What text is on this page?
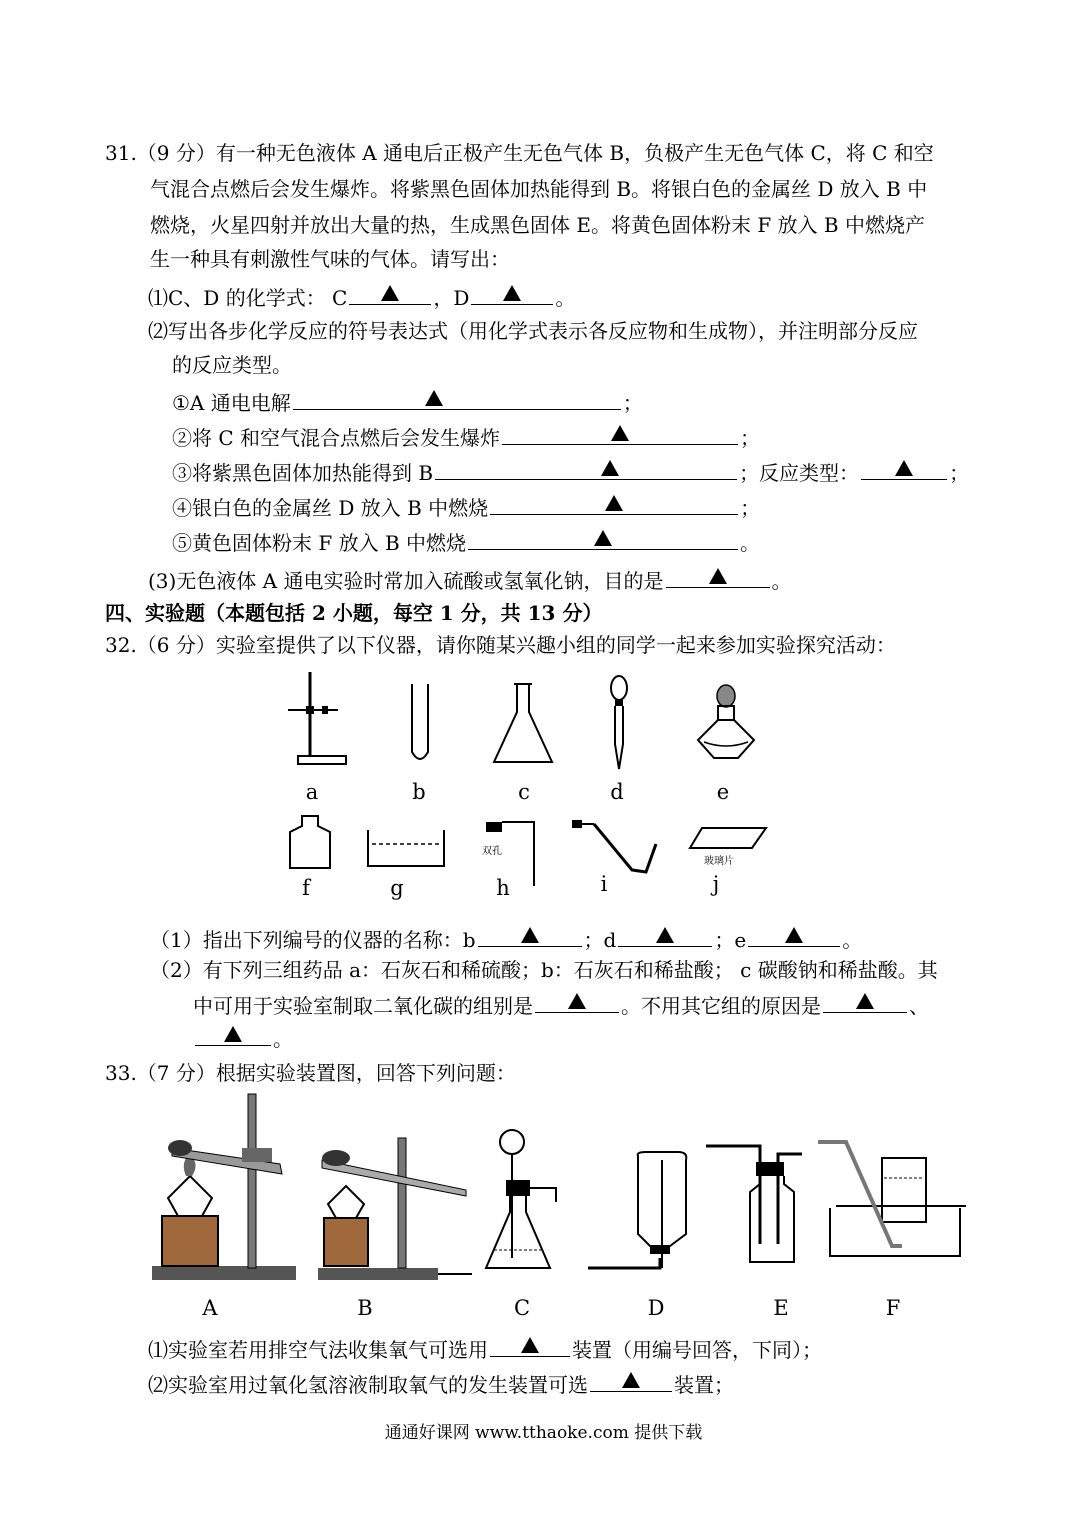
31.（9 分）有一种无色液体 A 通电后正极产生无色气体 B，负极产生无色气体 C，将 C 和空
气混合点燃后会发生爆炸。将紫黑色固体加热能得到 B。将银白色的金属丝 D 放入 B 中
燃烧，火星四射并放出大量的热，生成黑色固体 E。将黄色固体粉末 F 放入 B 中燃烧产
生一种具有刺激性气味的气体。请写出：
⑴C、D 的化学式： C	，D	。
⑵写出各步化学反应的符号表达式（用化学式表示各反应物和生成物），并注明部分反应
的反应类型。
①A 通电电解	；
②将 C 和空气混合点燃后会发生爆炸	；
③将紫黑色固体加热能得到 B	；反应类型：	；
④银白色的金属丝 D 放入 B 中燃烧	；
⑤黄色固体粉末 F 放入 B 中燃烧	。
(3)无色液体 A 通电实验时常加入硫酸或氢氧化钠，目的是	。
四、实验题（本题包括 2 小题，每空 1 分，共 13 分）
32.（6 分）实验室提供了以下仪器，请你随某兴趣小组的同学一起来参加实验探究活动：
a	b	c	d	e
双孔
玻璃片
f	g	h	i	j
（1）指出下列编号的仪器的名称：b	；d	；e	。
（2）有下列三组药品 a：石灰石和稀硫酸；b：石灰石和稀盐酸； c 碳酸钠和稀盐酸。其
中可用于实验室制取二氧化碳的组别是	。不用其它组的原因是	、
。
33.（7 分）根据实验装置图，回答下列问题：
A	B	C	D	E	F
⑴实验室若用排空气法收集氧气可选用	装置（用编号回答，下同）；
⑵实验室用过氧化氢溶液制取氧气的发生装置可选	装置；
通通好课网 www.tthaoke.com 提供下载
